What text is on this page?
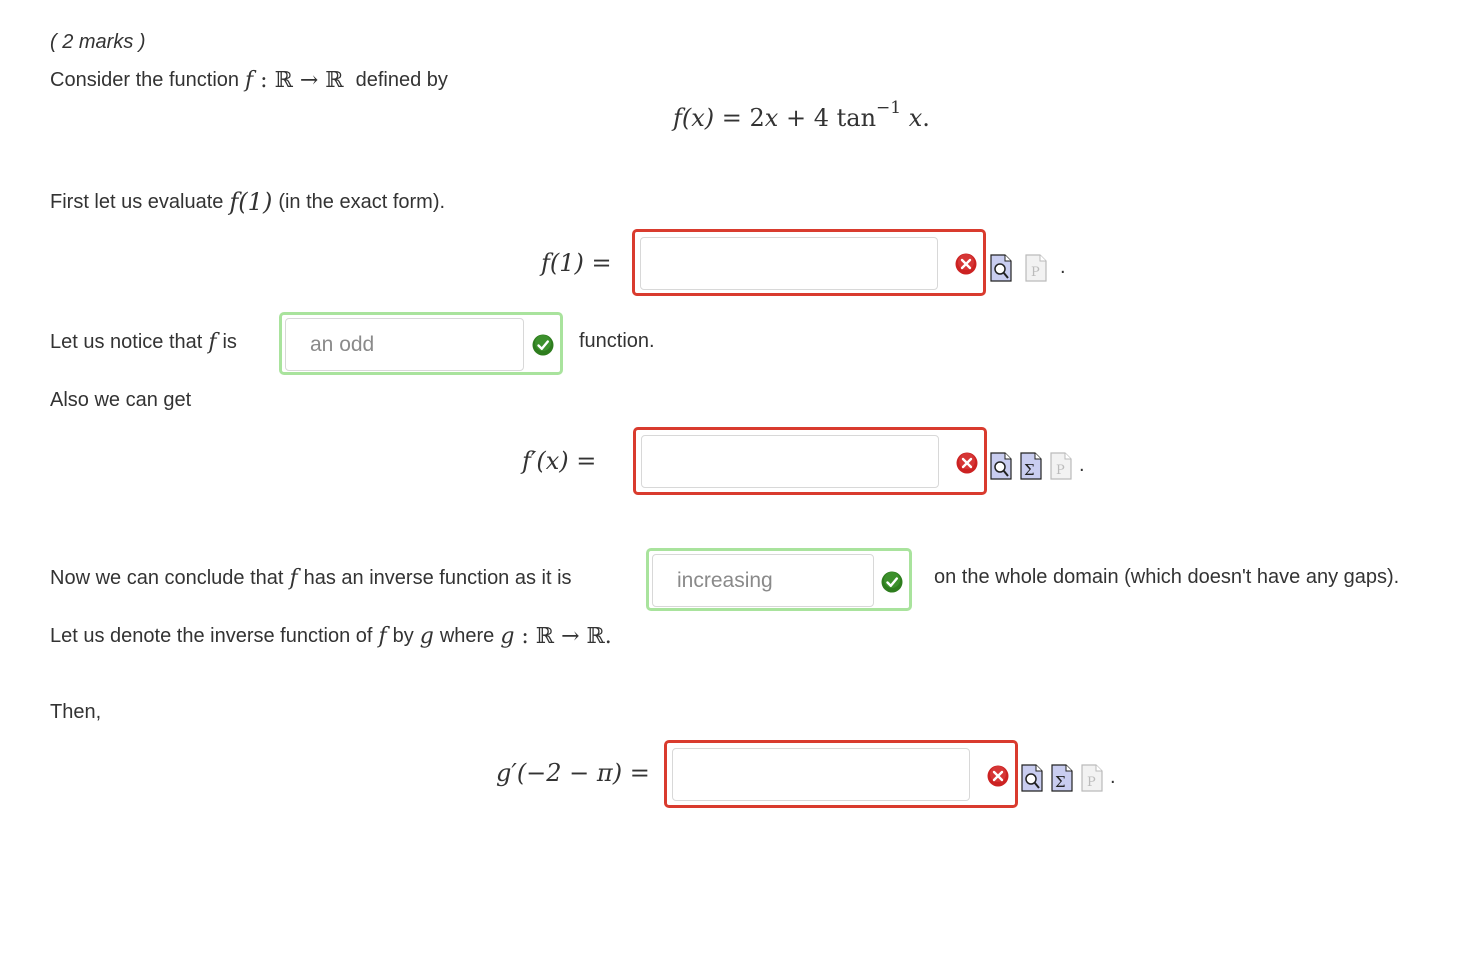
( 2 marks )
Consider the function f : ℝ → ℝ defined by
f(x) = 2 x + 4 tan −1 x .
First let us evaluate f(1) (in the exact form).
f(1) =	P .
Let us notice that f is	an odd	function.
Also we can get
f′(x) =	Σ P .
Now we can conclude that f has an inverse function as it is	increasing	on the whole domain (which doesn't have any gaps).
Let us denote the inverse function of f by g where g : ℝ → ℝ.
Then,
g′(−2 − π) =	Σ P .
